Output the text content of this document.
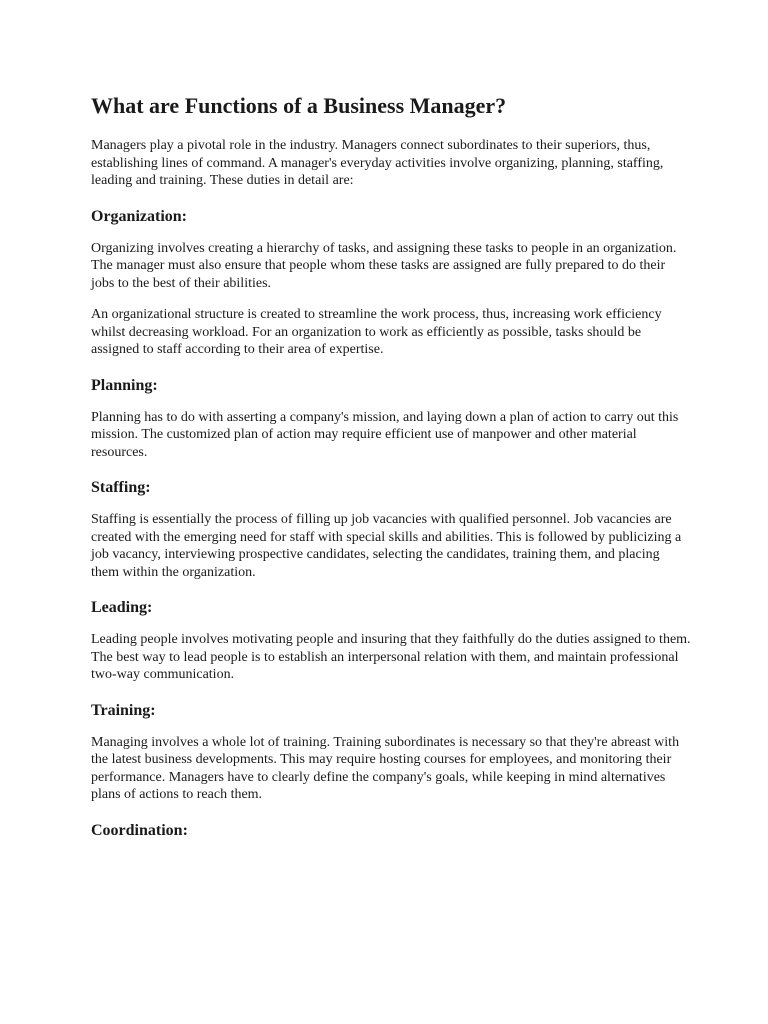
What are Functions of a Business Manager?

Managers play a pivotal role in the industry. Managers connect subordinates to their superiors, thus, establishing lines of command. A manager's everyday activities involve organizing, planning, staffing, leading and training. These duties in detail are:

Organization:

Organizing involves creating a hierarchy of tasks, and assigning these tasks to people in an organization. The manager must also ensure that people whom these tasks are assigned are fully prepared to do their jobs to the best of their abilities.

An organizational structure is created to streamline the work process, thus, increasing work efficiency whilst decreasing workload. For an organization to work as efficiently as possible, tasks should be assigned to staff according to their area of expertise.

Planning:

Planning has to do with asserting a company's mission, and laying down a plan of action to carry out this mission. The customized plan of action may require efficient use of manpower and other material resources.

Staffing:

Staffing is essentially the process of filling up job vacancies with qualified personnel. Job vacancies are created with the emerging need for staff with special skills and abilities. This is followed by publicizing a job vacancy, interviewing prospective candidates, selecting the candidates, training them, and placing them within the organization.

Leading:

Leading people involves motivating people and insuring that they faithfully do the duties assigned to them. The best way to lead people is to establish an interpersonal relation with them, and maintain professional two-way communication.

Training:

Managing involves a whole lot of training. Training subordinates is necessary so that they're abreast with the latest business developments. This may require hosting courses for employees, and monitoring their performance. Managers have to clearly define the company's goals, while keeping in mind alternatives plans of actions to reach them.

Coordination:
